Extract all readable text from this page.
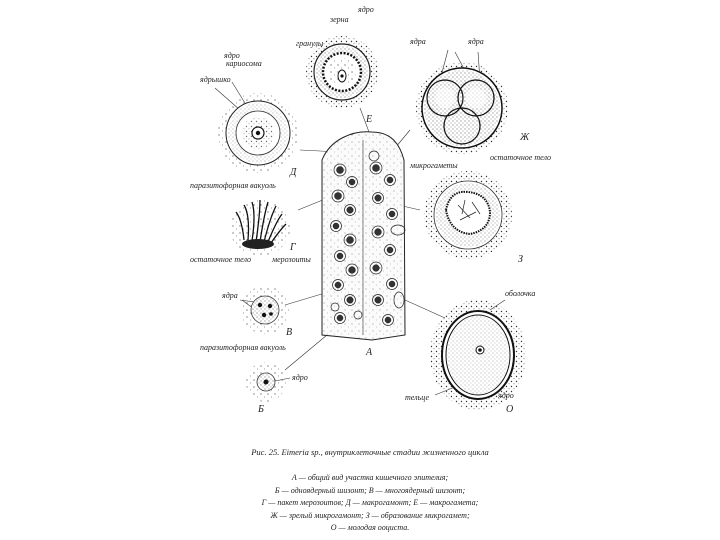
зерна
ядро
гранулы
кариосома
ядро
ядрышко
паразитофорная вакуоль
ядра	ядра
микрогаметы
остаточное тело
остаточное тело	мерозоиты
ядра
паразитофорная вакуоль
ядро
оболочка
ядро
тельце
А
Б
В
Г
Д
Е
Ж
З
О
Рис. 25. Eimeria sp., внутриклеточные стадии жизненного цикла
А — общий вид участка кишечного эпителия;
Б — одноядерный шизонт; В — многоядерный шизонт;
Г — пакет мерозоитов; Д — макрогамонт; Е — макрогамета;
Ж — зрелый микрогамонт; З — образование микрогамет;
О — молодая ооциста.
